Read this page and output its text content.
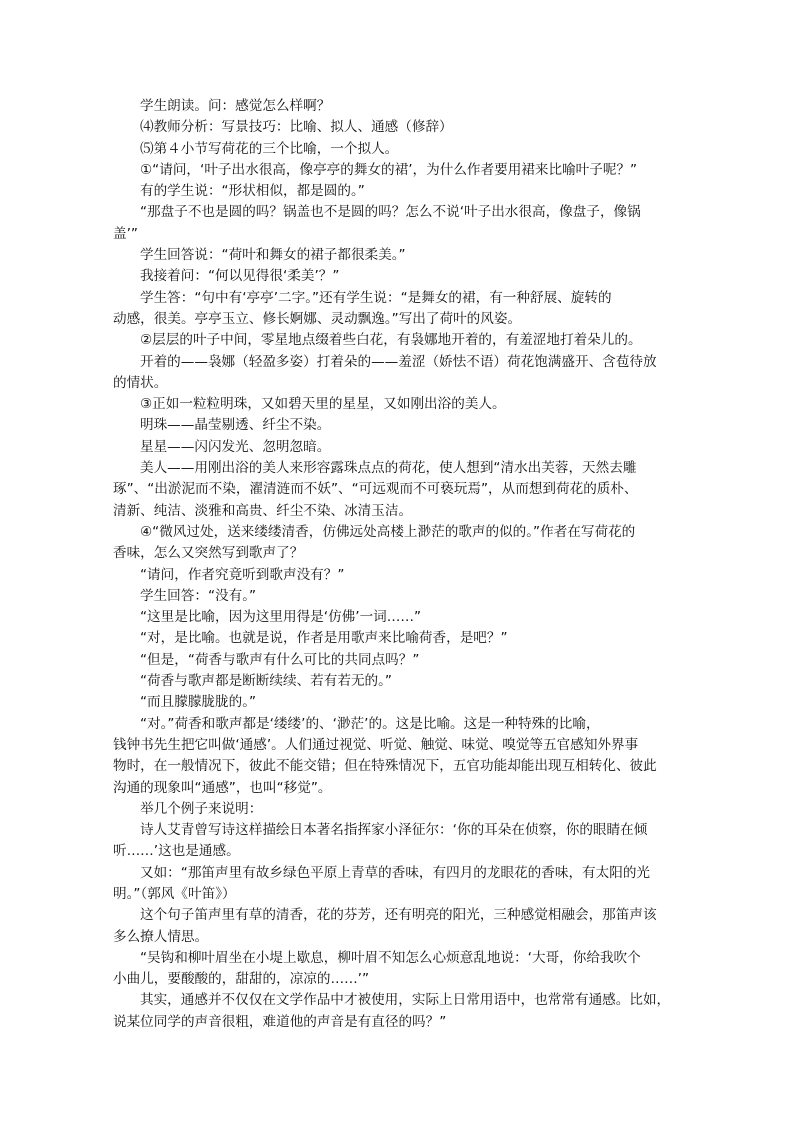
学生朗读。问：感觉怎么样啊？
⑷教师分析：写景技巧：比喻、拟人、通感（修辞）
⑸第４小节写荷花的三个比喻，一个拟人。
①“请问，‘叶子出水很高，像亭亭的舞女的裙’，为什么作者要用裙来比喻叶子呢？”
有的学生说：“形状相似，都是圆的。”
“那盘子不也是圆的吗？锅盖也不是圆的吗？怎么不说‘叶子出水很高，像盘子，像锅
盖’”
学生回答说：“荷叶和舞女的裙子都很柔美。”
我接着问：“何以见得很‘柔美’？”
学生答：“句中有‘亭亭’二字。”还有学生说：“是舞女的裙，有一种舒展、旋转的
动感，很美。亭亭玉立、修长婀娜、灵动飘逸。”写出了荷叶的风姿。
②层层的叶子中间，零星地点缀着些白花，有袅娜地开着的，有羞涩地打着朵儿的。
开着的——袅娜（轻盈多姿）打着朵的——羞涩（娇怯不语）荷花饱满盛开、含苞待放
的情状。
③正如一粒粒明珠，又如碧天里的星星，又如刚出浴的美人。
明珠——晶莹剔透、纤尘不染。
星星——闪闪发光、忽明忽暗。
美人——用刚出浴的美人来形容露珠点点的荷花，使人想到“清水出芙蓉，天然去雕
琢”、“出淤泥而不染，濯清涟而不妖”、“可远观而不可亵玩焉”，从而想到荷花的质朴、
清新、纯洁、淡雅和高贵、纤尘不染、冰清玉洁。
④“微风过处，送来缕缕清香，仿佛远处高楼上渺茫的歌声的似的。”作者在写荷花的
香味，怎么又突然写到歌声了？
“请问，作者究竟听到歌声没有？”
学生回答：“没有。”
“这里是比喻，因为这里用得是‘仿佛’一词……”
“对，是比喻。也就是说，作者是用歌声来比喻荷香，是吧？”
“但是，“荷香与歌声有什么可比的共同点吗？”
“荷香与歌声都是断断续续、若有若无的。”
“而且朦朦胧胧的。”
“对。”荷香和歌声都是‘缕缕’的、‘渺茫’的。这是比喻。这是一种特殊的比喻，
钱钟书先生把它叫做‘通感’。人们通过视觉、听觉、触觉、味觉、嗅觉等五官感知外界事
物时，在一般情况下，彼此不能交错；但在特殊情况下，五官功能却能出现互相转化、彼此
沟通的现象叫“通感”，也叫“移觉”。
举几个例子来说明：
诗人艾青曾写诗这样描绘日本著名指挥家小泽征尔：‘你的耳朵在侦察，你的眼睛在倾
听……’这也是通感。
又如：“那笛声里有故乡绿色平原上青草的香味，有四月的龙眼花的香味，有太阳的光
明。”（郭风《叶笛》）
这个句子笛声里有草的清香，花的芬芳，还有明亮的阳光，三种感觉相融会，那笛声该
多么撩人情思。
“吴钩和柳叶眉坐在小堤上歇息，柳叶眉不知怎么心烦意乱地说：‘大哥，你给我吹个
小曲儿，要酸酸的，甜甜的，凉凉的……’”
其实，通感并不仅仅在文学作品中才被使用，实际上日常用语中，也常常有通感。比如，
说某位同学的声音很粗，难道他的声音是有直径的吗？”
